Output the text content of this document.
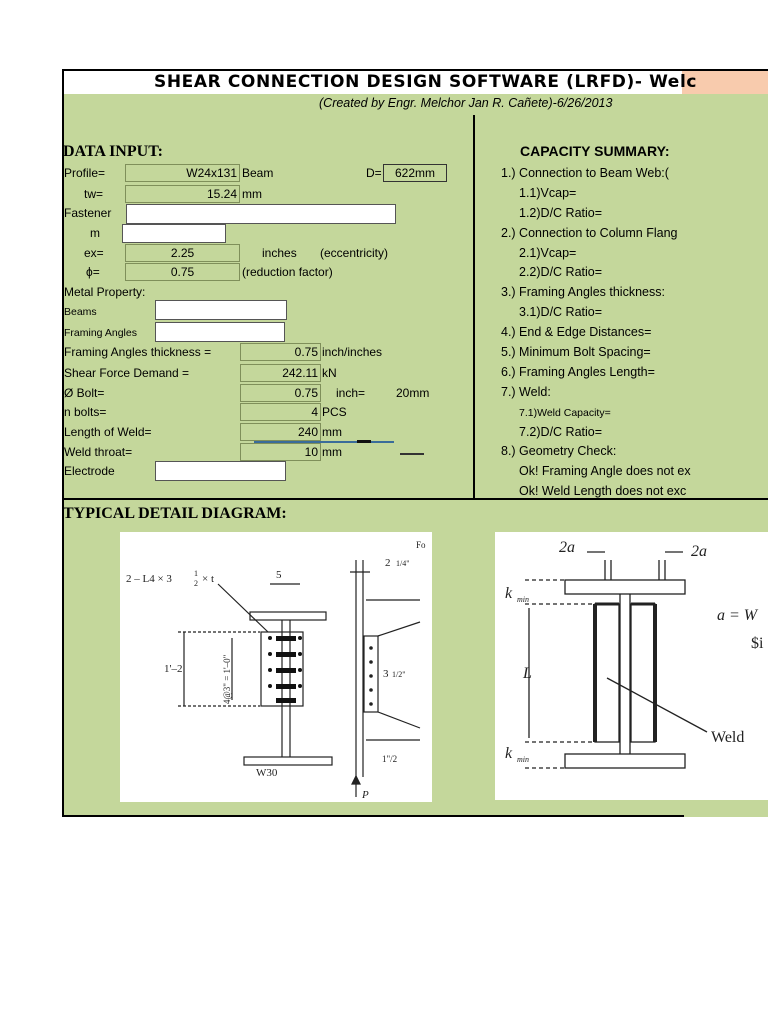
SHEAR CONNECTION DESIGN SOFTWARE (LRFD)- Welc
(Created by Engr. Melchor Jan R. Cañete)-6/26/2013
DATA INPUT:
Profile=	W24x131 Beam	D=	622mm
tw=	15.24 mm
Fastener
m
ex=	2.25	inches (eccentricity)
ϕ=	0.75	(reduction factor)
Metal Property:
Beams
Framing Angles
Framing Angles thickness =	0.75 inch/inches
Shear Force Demand =	242.11 kN
Ø Bolt=	0.75 inch=	20mm
n bolts=	4 PCS
Length of Weld=	240 mm
Weld throat=	10 mm
Electrode
CAPACITY SUMMARY:
1.) Connection to Beam Web:(
1.1)Vcap=
1.2)D/C Ratio=
2.) Connection to Column Flang
2.1)Vcap=
2.2)D/C Ratio=
3.) Framing Angles thickness:
3.1)D/C Ratio=
4.) End & Edge Distances=
5.) Minimum Bolt Spacing=
6.) Framing Angles Length=
7.) Weld:
7.1)Weld Capacity=
7.2)D/C Ratio=
8.) Geometry Check:
Ok! Framing Angle does not ex
Ok! Weld Length does not exc
TYPICAL DETAIL DIAGRAM:
2 – L4 × 3	1
2 × t	5
1'–2	4@3" = 1'–0"
2 1/4"
3 1/2"
1"/2
W30
P
Fo	2a	2a
k min
L
k min
a = W
$i
Weld
